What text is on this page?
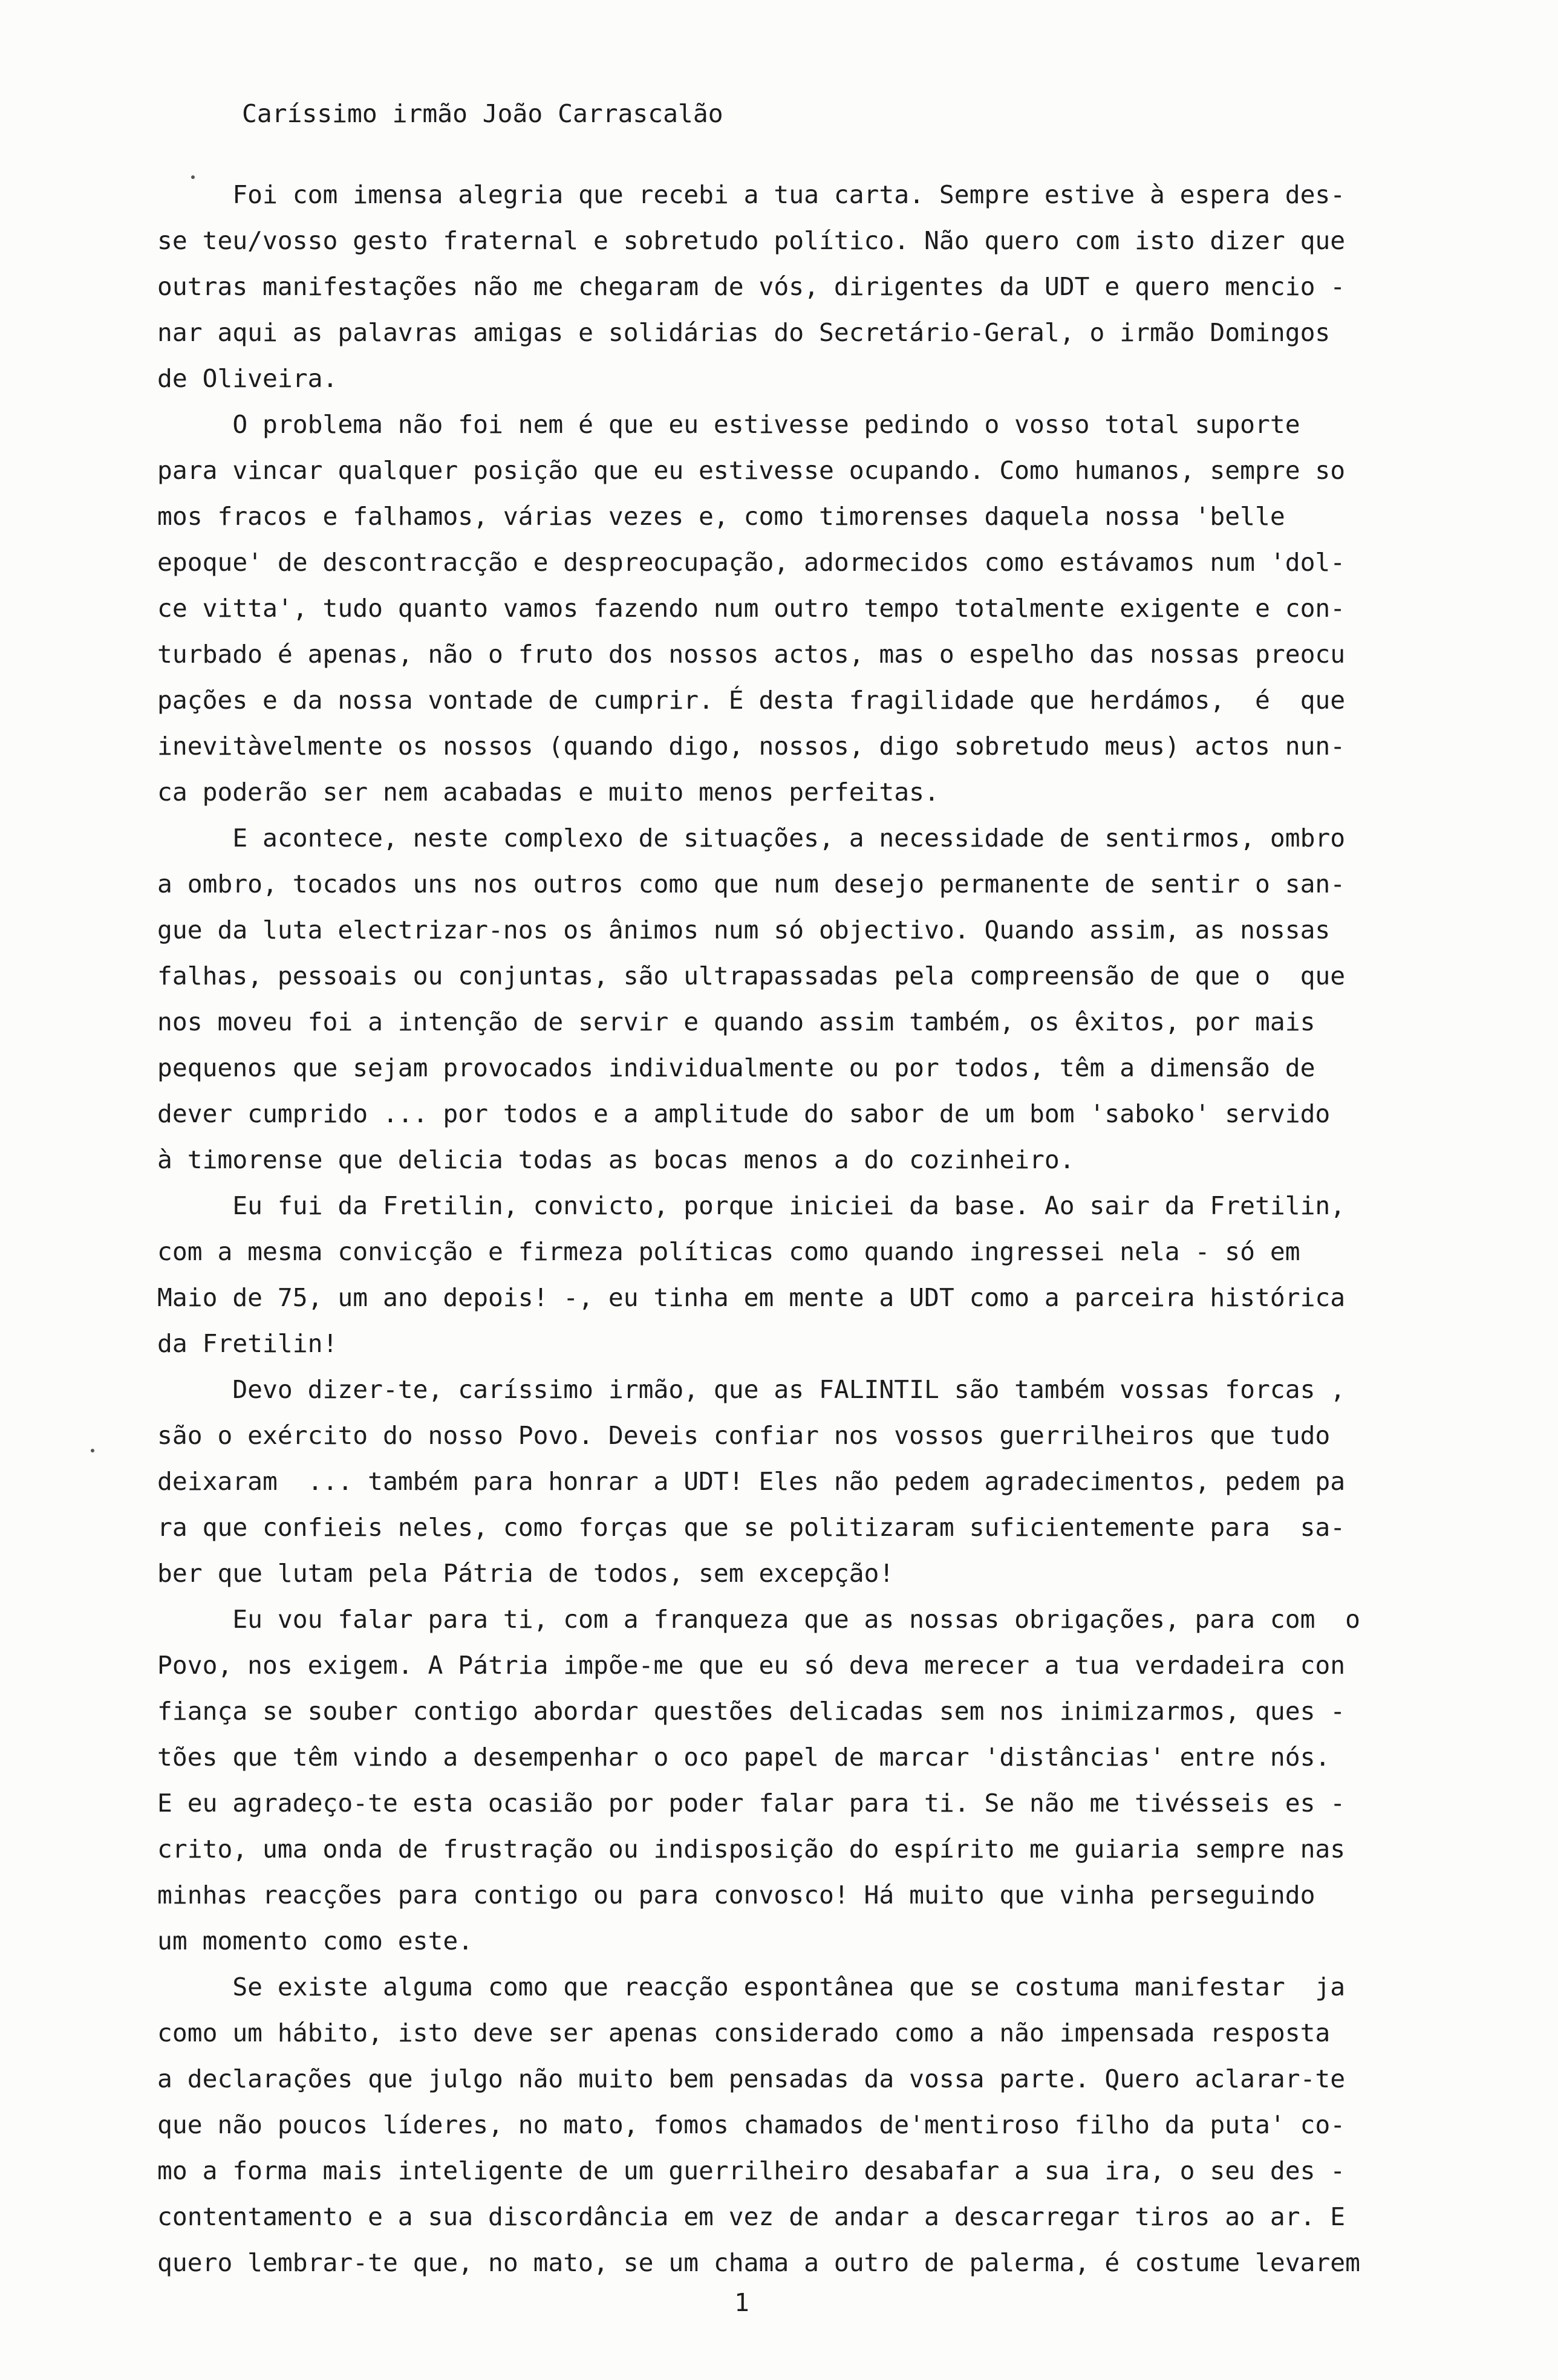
Caríssimo irmão João Carrascalão

Foi com imensa alegria que recebi a tua carta. Sempre estive à espera des-
se teu/vosso gesto fraternal e sobretudo político. Não quero com isto dizer que
outras manifestações não me chegaram de vós, dirigentes da UDT e quero mencio -
nar aqui as palavras amigas e solidárias do Secretário-Geral, o irmão Domingos
de Oliveira.
O problema não foi nem é que eu estivesse pedindo o vosso total suporte
para vincar qualquer posição que eu estivesse ocupando. Como humanos, sempre so
mos fracos e falhamos, várias vezes e, como timorenses daquela nossa 'belle
epoque' de descontracção e despreocupação, adormecidos como estávamos num 'dol-
ce vitta', tudo quanto vamos fazendo num outro tempo totalmente exigente e con-
turbado é apenas, não o fruto dos nossos actos, mas o espelho das nossas preocu
pações e da nossa vontade de cumprir. É desta fragilidade que herdámos,  é  que
inevitàvelmente os nossos (quando digo, nossos, digo sobretudo meus) actos nun-
ca poderão ser nem acabadas e muito menos perfeitas.
E acontece, neste complexo de situações, a necessidade de sentirmos, ombro
a ombro, tocados uns nos outros como que num desejo permanente de sentir o san-
gue da luta electrizar-nos os ânimos num só objectivo. Quando assim, as nossas
falhas, pessoais ou conjuntas, são ultrapassadas pela compreensão de que o  que
nos moveu foi a intenção de servir e quando assim também, os êxitos, por mais
pequenos que sejam provocados individualmente ou por todos, têm a dimensão de
dever cumprido ... por todos e a amplitude do sabor de um bom 'saboko' servido
à timorense que delicia todas as bocas menos a do cozinheiro.
Eu fui da Fretilin, convicto, porque iniciei da base. Ao sair da Fretilin,
com a mesma convicção e firmeza políticas como quando ingressei nela - só em
Maio de 75, um ano depois! -, eu tinha em mente a UDT como a parceira histórica
da Fretilin!
Devo dizer-te, caríssimo irmão, que as FALINTIL são também vossas forcas ,
são o exército do nosso Povo. Deveis confiar nos vossos guerrilheiros que tudo
deixaram  ... também para honrar a UDT! Eles não pedem agradecimentos, pedem pa
ra que confieis neles, como forças que se politizaram suficientemente para  sa-
ber que lutam pela Pátria de todos, sem excepção!
Eu vou falar para ti, com a franqueza que as nossas obrigações, para com  o
Povo, nos exigem. A Pátria impõe-me que eu só deva merecer a tua verdadeira con
fiança se souber contigo abordar questões delicadas sem nos inimizarmos, ques -
tões que têm vindo a desempenhar o oco papel de marcar 'distâncias' entre nós.
E eu agradeço-te esta ocasião por poder falar para ti. Se não me tivésseis es -
crito, uma onda de frustração ou indisposição do espírito me guiaria sempre nas
minhas reacções para contigo ou para convosco! Há muito que vinha perseguindo
um momento como este.
Se existe alguma como que reacção espontânea que se costuma manifestar  ja
como um hábito, isto deve ser apenas considerado como a não impensada resposta
a declarações que julgo não muito bem pensadas da vossa parte. Quero aclarar-te
que não poucos líderes, no mato, fomos chamados de'mentiroso filho da puta' co-
mo a forma mais inteligente de um guerrilheiro desabafar a sua ira, o seu des -
contentamento e a sua discordância em vez de andar a descarregar tiros ao ar. E
quero lembrar-te que, no mato, se um chama a outro de palerma, é costume levarem

1
